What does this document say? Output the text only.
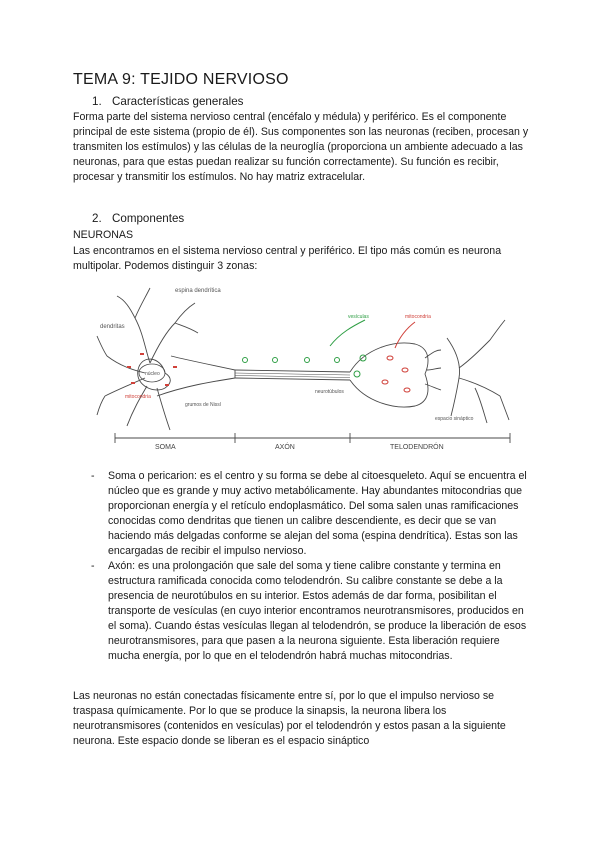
TEMA 9: TEJIDO NERVIOSO
1. Características generales
Forma parte del sistema nervioso central (encéfalo y médula) y periférico. Es el componente principal de este sistema (propio de él). Sus componentes son las neuronas (reciben, procesan y transmiten los estímulos) y las células de la neuroglía (proporciona un ambiente adecuado a las neuronas, para que estas puedan realizar su función correctamente). Su función es recibir, procesar y transmitir los estímulos. No hay matriz extracelular.
2. Componentes
NEURONAS
Las encontramos en el sistema nervioso central y periférico. El tipo más común es neurona multipolar. Podemos distinguir 3 zonas:
espina dendrítica
dendritas
núcleo
mitocondria
grumos de Nissl
neurotúbulos
vesículas	mitocondria
espacio sináptico
SOMA	AXÓN	TELODENDRÓN
- Soma o pericarion: es el centro y su forma se debe al citoesqueleto. Aquí se encuentra el núcleo que es grande y muy activo metabólicamente. Hay abundantes mitocondrias que proporcionan energía y el retículo endoplasmático. Del soma salen unas ramificaciones conocidas como dendritas que tienen un calibre descendiente, es decir que se van haciendo más delgadas conforme se alejan del soma (espina dendrítica). Estas son las encargadas de recibir el impulso nervioso.
- Axón: es una prolongación que sale del soma y tiene calibre constante y termina en estructura ramificada conocida como telodendrón. Su calibre constante se debe a la presencia de neurotúbulos en su interior. Estos además de dar forma, posibilitan el transporte de vesículas (en cuyo interior encontramos neurotransmisores, producidos en el soma). Cuando éstas vesículas llegan al telodendrón, se produce la liberación de esos neurotransmisores, para que pasen a la neurona siguiente. Esta liberación requiere mucha energía, por lo que en el telodendrón habrá muchas mitocondrias.
Las neuronas no están conectadas físicamente entre sí, por lo que el impulso nervioso se traspasa químicamente. Por lo que se produce la sinapsis, la neurona libera los neurotransmisores (contenidos en vesículas) por el telodendrón y estos pasan a la siguiente neurona. Este espacio donde se liberan es el espacio sináptico
